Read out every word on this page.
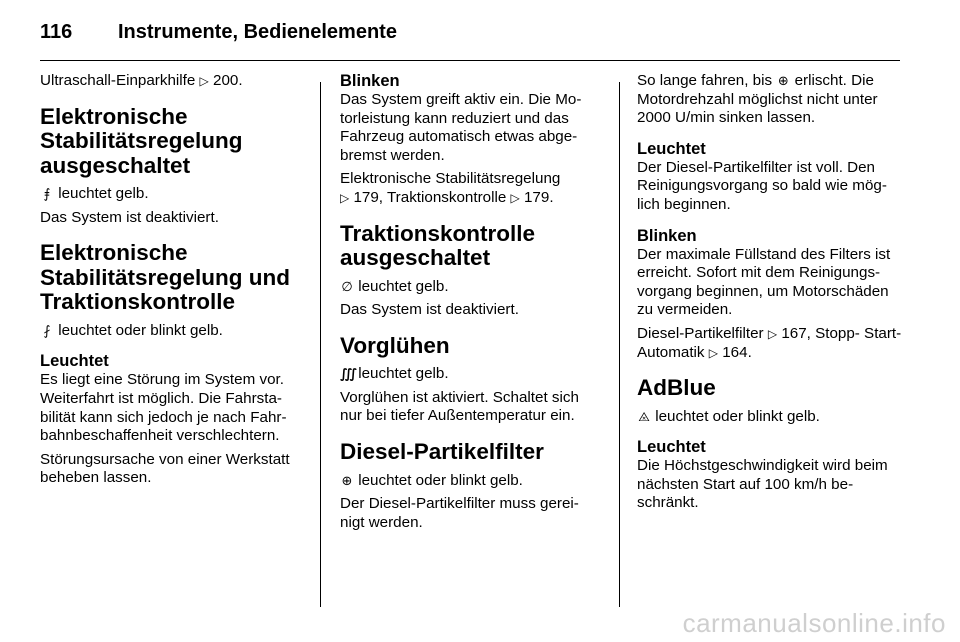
116 Instrumente, Bedienelemente

Ultraschall-Einparkhilfe ▷ 200.

Elektronische Stabilitätsregelung ausgeschaltet

⨎ leuchtet gelb.

Das System ist deaktiviert.

Elektronische Stabilitätsregelung und Traktionskontrolle

⨏ leuchtet oder blinkt gelb.

Leuchtet

Es liegt eine Störung im System vor. Weiterfahrt ist möglich. Die Fahrsta- bilität kann sich jedoch je nach Fahr- bahnbeschaffenheit verschlechtern.

Störungsursache von einer Werkstatt beheben lassen.

Blinken

Das System greift aktiv ein. Die Mo- torleistung kann reduziert und das Fahrzeug automatisch etwas abge- bremst werden.

Elektronische Stabilitätsregelung
▷ 179, Traktionskontrolle ▷ 179.

Traktionskontrolle ausgeschaltet

∅ leuchtet gelb.

Das System ist deaktiviert.

Vorglühen

∭ leuchtet gelb.

Vorglühen ist aktiviert. Schaltet sich nur bei tiefer Außentemperatur ein.

Diesel-Partikelfilter

⊕ leuchtet oder blinkt gelb.

Der Diesel-Partikelfilter muss gerei- nigt werden.

So lange fahren, bis ⊕ erlischt. Die Motordrehzahl möglichst nicht unter 2000 U/min sinken lassen.

Leuchtet

Der Diesel-Partikelfilter ist voll. Den Reinigungsvorgang so bald wie mög- lich beginnen.

Blinken

Der maximale Füllstand des Filters ist erreicht. Sofort mit dem Reinigungs- vorgang beginnen, um Motorschäden zu vermeiden.

Diesel-Partikelfilter ▷ 167, Stopp- Start-Automatik ▷ 164.

AdBlue

⨻ leuchtet oder blinkt gelb.

Leuchtet

Die Höchstgeschwindigkeit wird beim nächsten Start auf 100 km/h be- schränkt.

carmanualsonline.info
